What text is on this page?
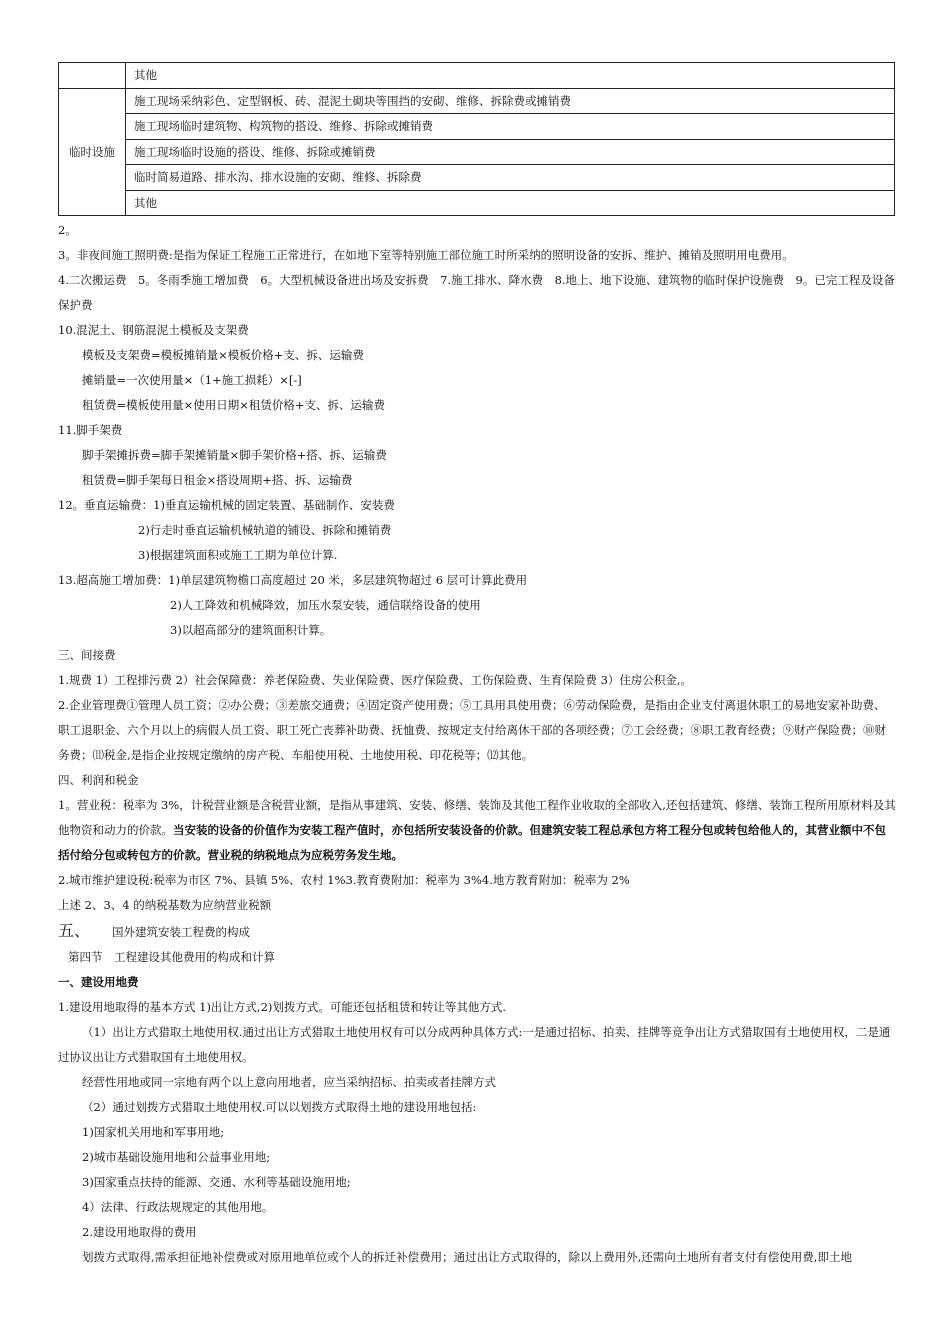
	其他
临时设施	施工现场采纳彩色、定型钢板、砖、混泥土砌块等围挡的安砌、维修、拆除费或摊销费
	施工现场临时建筑物、构筑物的搭设、维修、拆除或摊销费
	施工现场临时设施的搭设、维修、拆除或摊销费
	临时简易道路、排水沟、排水设施的安砌、维修、拆除费
	其他

2。

3。非夜间施工照明费:是指为保证工程施工正常进行，在如地下室等特别施工部位施工时所采纳的照明设备的安拆、维护、摊销及照明用电费用。

4.二次搬运费　5。冬雨季施工增加费　6。大型机械设备进出场及安拆费　7.施工排水、降水费　8.地上、地下设施、建筑物的临时保护设施费　9。已完工程及设备保护费

10.混泥土、钢筋混泥土模板及支架费

模板及支架费=模板摊销量×模板价格+支、拆、运输费

摊销量=一次使用量×（1+施工损耗）×[-]

租赁费=模板使用量×使用日期×租赁价格+支、拆、运输费

11.脚手架费

脚手架摊拆费=脚手架摊销量×脚手架价格+搭、拆、运输费

租赁费=脚手架每日租金×搭设周期+搭、拆、运输费

12。垂直运输费：1)垂直运输机械的固定装置、基础制作、安装费

2)行走时垂直运输机械轨道的铺设、拆除和摊销费

3)根据建筑面积或施工工期为单位计算.

13.超高施工增加费：1)单层建筑物檐口高度超过 20 米，多层建筑物超过 6 层可计算此费用

2)人工降效和机械降效，加压水泵安装，通信联络设备的使用

3)以超高部分的建筑面积计算。

三、间接费

1.规费 1）工程排污费 2）社会保障费：养老保险费、失业保险费、医疗保险费、工伤保险费、生育保险费 3）住房公积金,。

2.企业管理费①管理人员工资；②办公费；③差旅交通费；④固定资产使用费；⑤工具用具使用费；⑥劳动保险费，是指由企业支付离退休职工的易地安家补助费、职工退职金、六个月以上的病假人员工资、职工死亡丧葬补助费、抚恤费、按规定支付给离休干部的各项经费；⑦工会经费；⑧职工教育经费；⑨财产保险费；⑩财务费；⑾税金,是指企业按规定缴纳的房产税、车船使用税、土地使用税、印花税等；⑿其他。

四、利润和税金

1。营业税：税率为 3%，计税营业额是含税营业额，是指从事建筑、安装、修缮、装饰及其他工程作业收取的全部收入,还包括建筑、修缮、装饰工程所用原材料及其他物资和动力的价款。当安装的设备的价值作为安装工程产值时，亦包括所安装设备的价款。但建筑安装工程总承包方将工程分包或转包给他人的，其营业额中不包括付给分包或转包方的价款。营业税的纳税地点为应税劳务发生地。

2.城市维护建设税:税率为市区 7%、县镇 5%、农村 1%3.教育费附加：税率为 3%4.地方教育附加：税率为 2%

上述 2、3、4 的纳税基数为应纳营业税额

五、 国外建筑安装工程费的构成

第四节　工程建设其他费用的构成和计算

一、建设用地费

1.建设用地取得的基本方式 1)出让方式,2)划拨方式。可能还包括租赁和转让等其他方式.

（1）出让方式猎取土地使用权.通过出让方式猎取土地使用权有可以分成两种具体方式:一是通过招标、拍卖、挂牌等竞争出让方式猎取国有土地使用权，二是通过协议出让方式猎取国有土地使用权。

经营性用地或同一宗地有两个以上意向用地者，应当采纳招标、拍卖或者挂牌方式

（2）通过划拨方式猎取土地使用权.可以以划拨方式取得土地的建设用地包括:

1)国家机关用地和军事用地;

2)城市基础设施用地和公益事业用地;

3)国家重点扶持的能源、交通、水利等基础设施用地;

4）法律、行政法规规定的其他用地。

2.建设用地取得的费用

划拨方式取得,需承担征地补偿费或对原用地单位或个人的拆迁补偿费用；通过出让方式取得的，除以上费用外,还需向土地所有者支付有偿使用费,即土地
